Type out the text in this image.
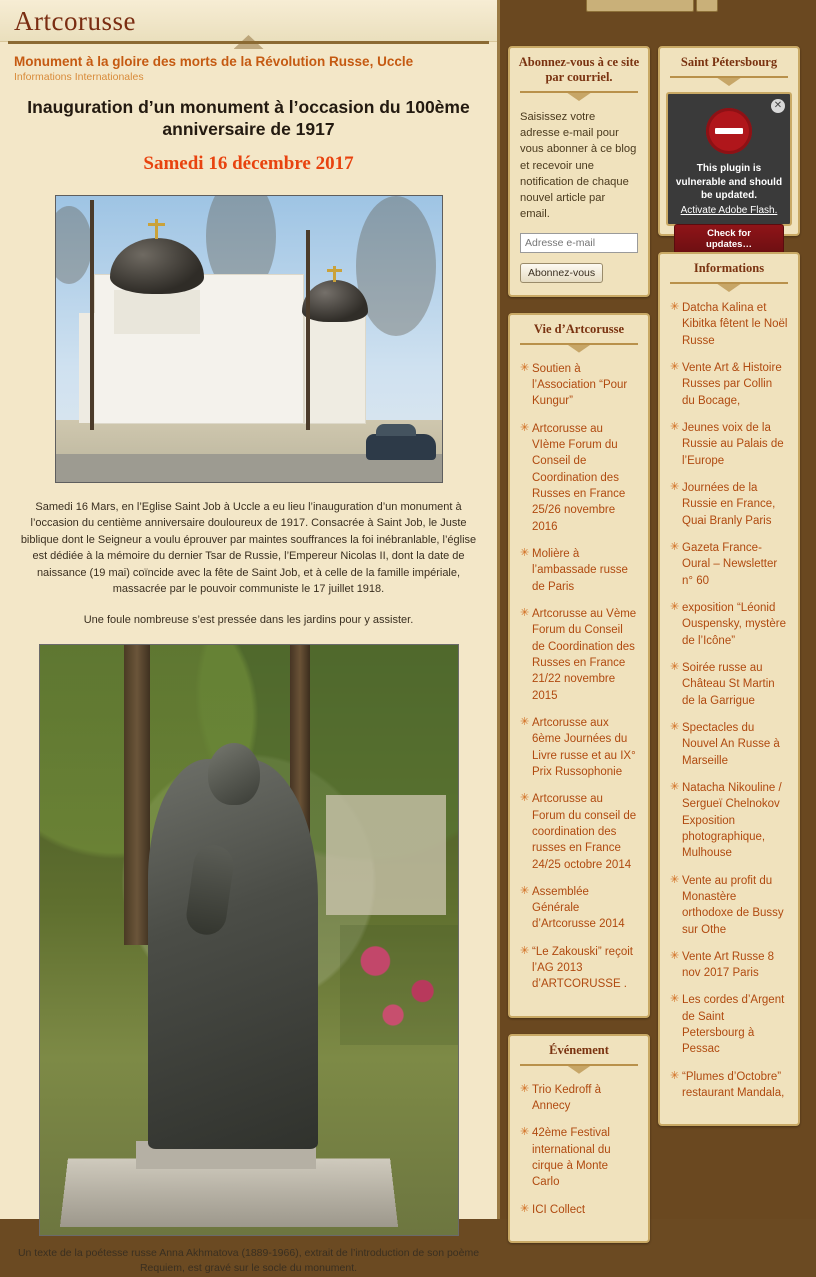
Artcorusse
Monument à la gloire des morts de la Révolution Russe, Uccle
Informations Internationales
Inauguration d’un monument à l’occasion du 100ème anniversaire de 1917
Samedi 16 décembre 2017
Samedi 16 Mars, en l’Eglise Saint Job à Uccle a eu lieu l’inauguration d’un monument à l’occasion du centième anniversaire douloureux de 1917. Consacrée à Saint Job, le Juste biblique dont le Seigneur a voulu éprouver par maintes souffrances la foi inébranlable, l’église est dédiée à la mémoire du dernier Tsar de Russie, l’Empereur Nicolas II, dont la date de naissance (19 mai) coïncide avec la fête de Saint Job, et à celle de la famille impériale, massacrée par le pouvoir communiste le 17 juillet 1918.
Une foule nombreuse s’est pressée dans les jardins pour y assister.
Un texte de la poétesse russe Anna Akhmatova (1889-1966), extrait de l’introduction de son poème Requiem, est gravé sur le socle du monument.
Abonnez-vous à ce site par courriel.
Saisissez votre adresse e-mail pour vous abonner à ce blog et recevoir une notification de chaque nouvel article par email.
Adresse e-mail Abonnez-vous
Vie d’Artcorusse
✳ Soutien à l’Association “Pour Kungur”
✳ Artcorusse au VIème Forum du Conseil de Coordination des Russes en France 25/26 novembre 2016
✳ Molière à l’ambassade russe de Paris
✳ Artcorusse au Vème Forum du Conseil de Coordination des Russes en France 21/22 novembre 2015
✳ Artcorusse aux 6ème Journées du Livre russe et au IX° Prix Russophonie
✳ Artcorusse au Forum du conseil de coordination des russes en France 24/25 octobre 2014
✳ Assemblée Générale d’Artcorusse 2014
✳ “Le Zakouski” reçoit l’AG 2013 d’ARTCORUSSE .
Événement
✳ Trio Kedroff à Annecy
✳ 42ème Festival international du cirque à Monte Carlo
✳ ICI Collect
Saint Pétersbourg
✕
This plugin is vulnerable and should be updated.
Activate Adobe Flash.
Check for updates…
Informations
✳ Datcha Kalina et Kibitka fêtent le Noël Russe
✳ Vente Art & Histoire Russes par Collin du Bocage,
✳ Jeunes voix de la Russie au Palais de l’Europe
✳ Journées de la Russie en France, Quai Branly Paris
✳ Gazeta France-Oural – Newsletter n° 60
✳ exposition “Léonid Ouspensky, mystère de l’Icône”
✳ Soirée russe au Château St Martin de la Garrigue
✳ Spectacles du Nouvel An Russe à Marseille
✳ Natacha Nikouline / Sergueï Chelnokov Exposition photographique, Mulhouse
✳ Vente au profit du Monastère orthodoxe de Bussy sur Othe
✳ Vente Art Russe 8 nov 2017 Paris
✳ Les cordes d’Argent de Saint Petersbourg à Pessac
✳ “Plumes d’Octobre” restaurant Mandala,
